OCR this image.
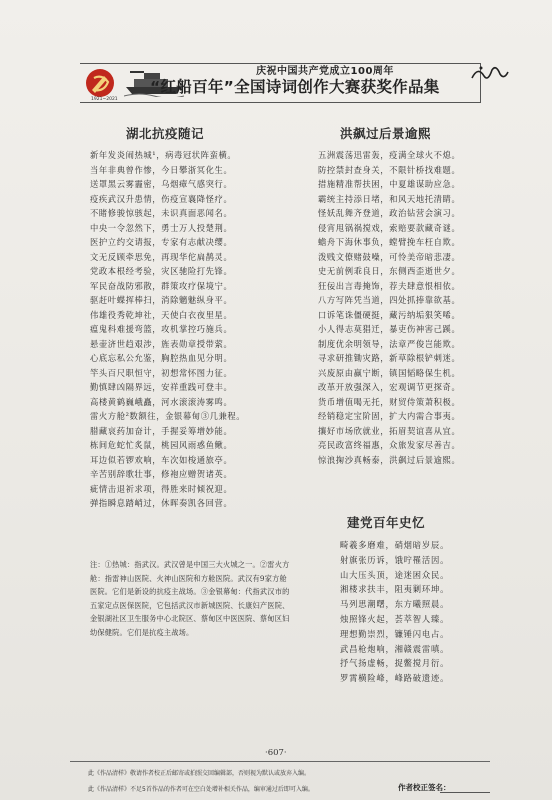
庆祝中国共产党成立100周年
“红船百年”全国诗词创作大赛获奖作品集
1921~2021
湖北抗疫随记	洪飙过后景逾熙
建党百年史忆
新年发炎闹热城¹，病毒冠状阵蛮横。
当年非典曾作惨，今日攀浙冥化生。
送罩黑云雾霾密，乌烟瘴气感突行。
疫疾武汉升患情，伤疫宣襄降怪疗。
不睹修骏惊骇起，未识真面恶闻名。
中央一令忽然下，勇士万人投楚荆。
医护立约交请报，专家有志献决缨。
文无反顾牵思免，再现华佗扁鹊灵。
党政本根经考验，灾区驰险打先锋。
军民奋战防邪散，群策攻疗保境宁。
驱赶叶蝶挥棒扫，消除魑魅纵身平。
伟雄役秀乾坤社，天使白衣夜里星。
瘟鬼科难援弯篮，攻机掌控巧施兵。
悬壶济世趋艰涉，旌表勋章授带萦。
心底忘私公允鉴，胸腔热血见分明。
竿头百尺职恒守，初想常怀图力征。
勤慎肆凶隔界远，安祥重践可登丰。
高楼黄鹤巍峨矗，河水滚滚涛雾鸣。
雷火方舱²数额往，金银幕甸③几兼程。
腊藏哀药加奋计，手握妥筹增妙能。
栋间危蛇忙炙鼠，桃园风雨惑鱼鳅。
耳边似若锣欢响，车次如梭通旅亭。
辛苦别辞歌壮事，修袍应赠贺诸英。
疵情击退祈求项，得胜来时倾祝迎。
弹指瞬息踏峭过，休晖奏凯各回营。
五洲震荡迅雷轰，疫满全球火不熄。
防控禁封查身关，不限针桥找难题。
措施精准帮扶困，中夏雄谋助应急。
霸统主持添日堵，和风天地托清睛。
怪妖乱舞齐登道，政治钻营会演习。
侵宵甩锅祸搅戏，索赔要款藏奇谜。
蟾舟下海休事负，螳臂挽车枉自欺。
泼贱文僚赌鼓噪，可怜美帝暗悲凄。
史无前例乖良日，东侧西歪逝世夕。
狂佞出言毒掩饰，荐夫肆意恨相依。
八方写阵凭当道，四处抓捧靠欲基。
口诉笔诛僵硬挺，藏污纳垢狠笑唏。
小人得志莫猖迁，暴吏伤神害己蹊。
制度优余明领导，法章严俊岂能欺。
寻求研推锄灾路，新草除根铲刺迷。
兴废原由赢宁断，镇国韬略保生机。
改革开放强深入，宏观调节更探奇。
货币增值喝无托，财贸侍策萧积极。
经销稳定宝阶固，扩大内需合事夷。
攘好市场欣就业，拓眉契谊喜从宜。
亮民政富终福惠，众旅发家尽善吉。
惊浪掬沙真畅泰，洪飙过后景逾熙。
畸羲多磨难，硝烟暗岁辰。
射旗张历诉，饿咛罹活因。
山大压头顶，途迷困众民。
湘楼求扶丰，阻夷剿环坤。
马列思潮曙，东方曦照晨。
烛照锋火起，荟萃智人臻。
理想勤崇烈，镰锤闪电占。
武昌枪炮响，湘赣震雷嗔。
抒气扬虚畅，捉鳖搅月衍。
罗霄横险峰，峰路破遗迹。

注：①热城：指武汉。武汉曾是中国三大火城之一。②雷火方舱：指雷神山医院、火神山医院和方舱医院。武汉有9家方舱医院。它们是新设的抗疫主战场。③金银幕甸：代指武汉市的五家定点医保医院，它包括武汉市新城医院、长康妇产医院、金银湖社区卫生服务中心北院区、蔡甸区中医医院、蔡甸区妇幼保健院。它们是抗疫主战场。

·607·
此《作品清样》敬请作者校正后邮寄或拍照交回编辑部，否则视为默认或放弃入编。
此《作品清样》不足5首作品的作者可在空白处增补相关作品，编审通过后即可入编。	作者校正签名：
